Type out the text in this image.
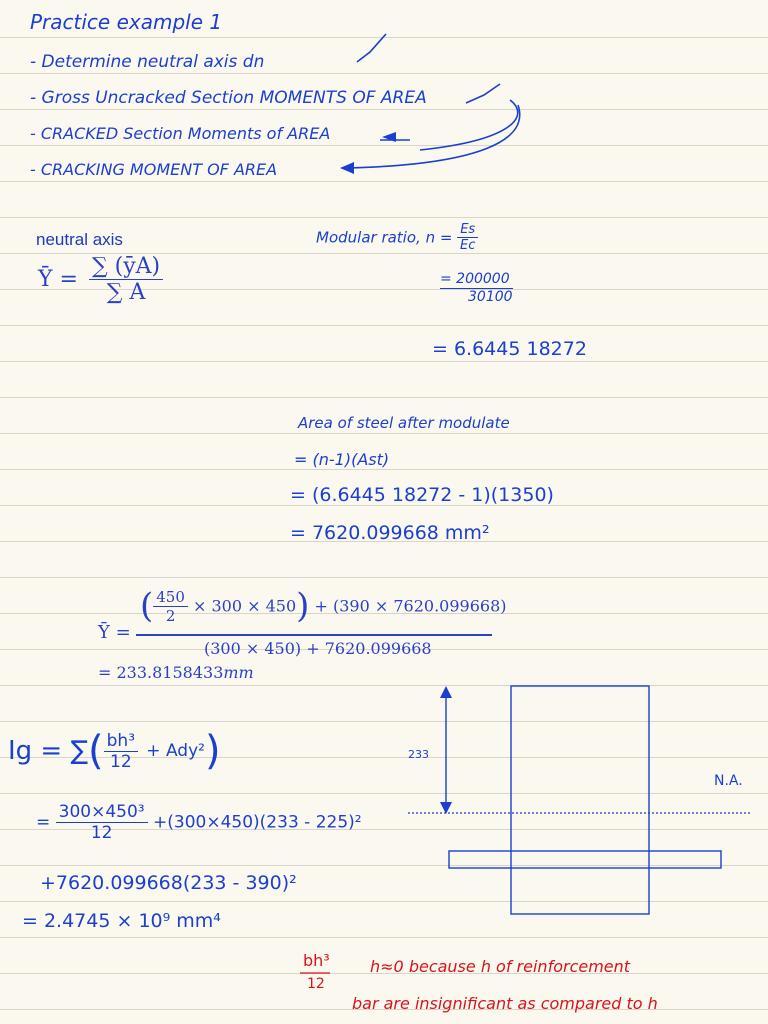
Practice example 1
- Determine neutral axis dn
- Gross Uncracked Section MOMENTS OF AREA
- CRACKED Section Moments of AREA
- CRACKING MOMENT OF AREA
neutral axis
Ȳ = $\frac{\sum (ȳA)}{\sum A}$
Modular ratio, $n = \frac{Es}{Ec}$
$\frac{= 200000}{30100}$
= 6.6445 18272
Area of steel after modulate
= (n-1)(Ast)
= (6.6445 18272 - 1)(1350)
= 7620.099668 mm²
Ȳ =
( $\frac{450}{2} \times 300 \times 450) + (390 \times 7620.099668)$
(300 × 450) + 7620.099668
= 233.8158433mm
Ig = ∑( $\frac{\text{bh³}}{12} + Ady^2$)
= $\frac{\text{300×450³}}{12} +(300\times 450)(233 - 225)^2$
+7620.099668(233 - 390)²
= 2.4745 × 10⁹ mm⁴
233
N.A.
bh³
12
h≈0 because h of reinforcement
bar are insignificant as compared to h
